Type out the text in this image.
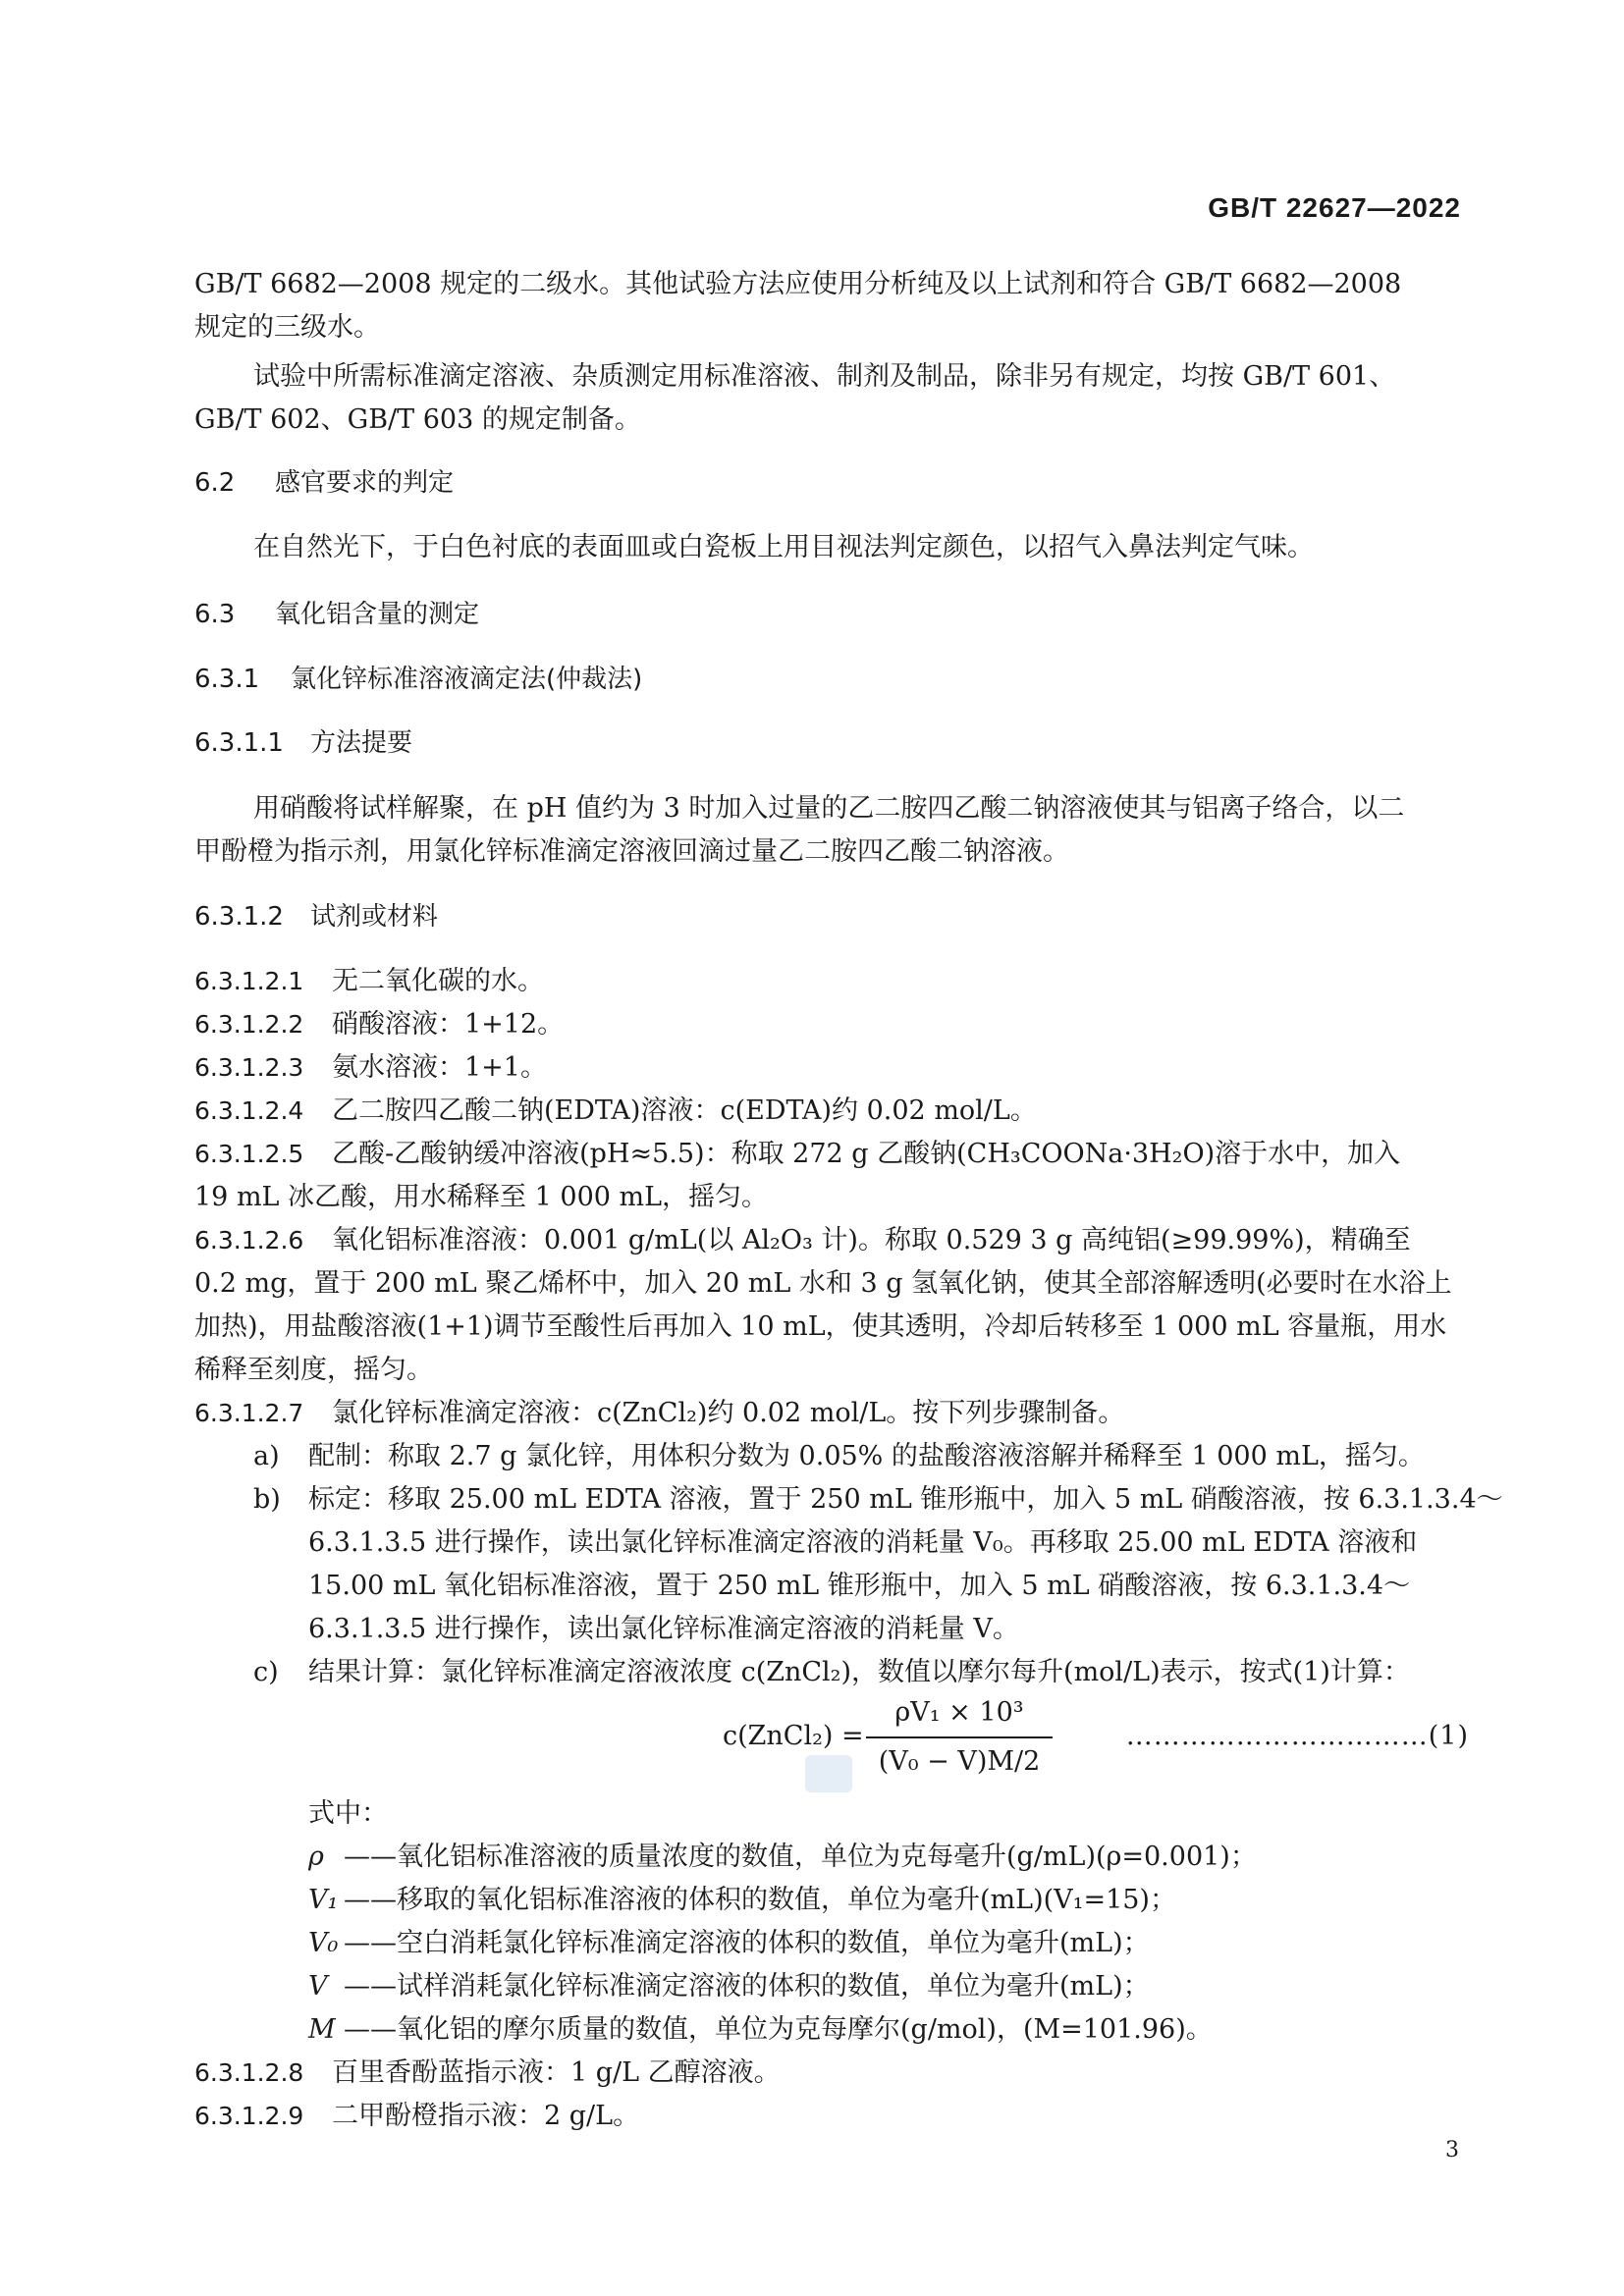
GB/T 22627—2022
GB/T 6682—2008 规定的二级水。其他试验方法应使用分析纯及以上试剂和符合 GB/T 6682—2008
规定的三级水。
试验中所需标准滴定溶液、杂质测定用标准溶液、制剂及制品，除非另有规定，均按 GB/T 601、
GB/T 602、GB/T 603 的规定制备。
6.2 感官要求的判定
在自然光下，于白色衬底的表面皿或白瓷板上用目视法判定颜色，以招气入鼻法判定气味。
6.3 氧化铝含量的测定
6.3.1 氯化锌标准溶液滴定法(仲裁法)
6.3.1.1 方法提要
用硝酸将试样解聚，在 pH 值约为 3 时加入过量的乙二胺四乙酸二钠溶液使其与铝离子络合，以二
甲酚橙为指示剂，用氯化锌标准滴定溶液回滴过量乙二胺四乙酸二钠溶液。
6.3.1.2 试剂或材料
6.3.1.2.1 无二氧化碳的水。
6.3.1.2.2 硝酸溶液：1+12。
6.3.1.2.3 氨水溶液：1+1。
6.3.1.2.4 乙二胺四乙酸二钠(EDTA)溶液：c(EDTA)约 0.02 mol/L。
6.3.1.2.5 乙酸-乙酸钠缓冲溶液(pH≈5.5)：称取 272 g 乙酸钠(CH₃COONa·3H₂O)溶于水中，加入
19 mL 冰乙酸，用水稀释至 1 000 mL，摇匀。
6.3.1.2.6 氧化铝标准溶液：0.001 g/mL(以 Al₂O₃ 计)。称取 0.529 3 g 高纯铝(≥99.99%)，精确至
0.2 mg，置于 200 mL 聚乙烯杯中，加入 20 mL 水和 3 g 氢氧化钠，使其全部溶解透明(必要时在水浴上
加热)，用盐酸溶液(1+1)调节至酸性后再加入 10 mL，使其透明，冷却后转移至 1 000 mL 容量瓶，用水
稀释至刻度，摇匀。
6.3.1.2.7 氯化锌标准滴定溶液：c(ZnCl₂)约 0.02 mol/L。按下列步骤制备。
a) 配制：称取 2.7 g 氯化锌，用体积分数为 0.05% 的盐酸溶液溶解并稀释至 1 000 mL，摇匀。
b) 标定：移取 25.00 mL EDTA 溶液，置于 250 mL 锥形瓶中，加入 5 mL 硝酸溶液，按 6.3.1.3.4～
6.3.1.3.5 进行操作，读出氯化锌标准滴定溶液的消耗量 V₀。再移取 25.00 mL EDTA 溶液和
15.00 mL 氧化铝标准溶液，置于 250 mL 锥形瓶中，加入 5 mL 硝酸溶液，按 6.3.1.3.4～
6.3.1.3.5 进行操作，读出氯化锌标准滴定溶液的消耗量 V。
c) 结果计算：氯化锌标准滴定溶液浓度 c(ZnCl₂)，数值以摩尔每升(mol/L)表示，按式(1)计算：
c(ZnCl₂) =
ρV₁ × 10³
(V₀ − V)M/2
……………………………(1)
式中：
ρ ——氧化铝标准溶液的质量浓度的数值，单位为克每毫升(g/mL)(ρ=0.001)；
V₁ ——移取的氧化铝标准溶液的体积的数值，单位为毫升(mL)(V₁=15)；
V₀ ——空白消耗氯化锌标准滴定溶液的体积的数值，单位为毫升(mL)；
V ——试样消耗氯化锌标准滴定溶液的体积的数值，单位为毫升(mL)；
M ——氧化铝的摩尔质量的数值，单位为克每摩尔(g/mol)，(M=101.96)。
6.3.1.2.8 百里香酚蓝指示液：1 g/L 乙醇溶液。
6.3.1.2.9 二甲酚橙指示液：2 g/L。
3
